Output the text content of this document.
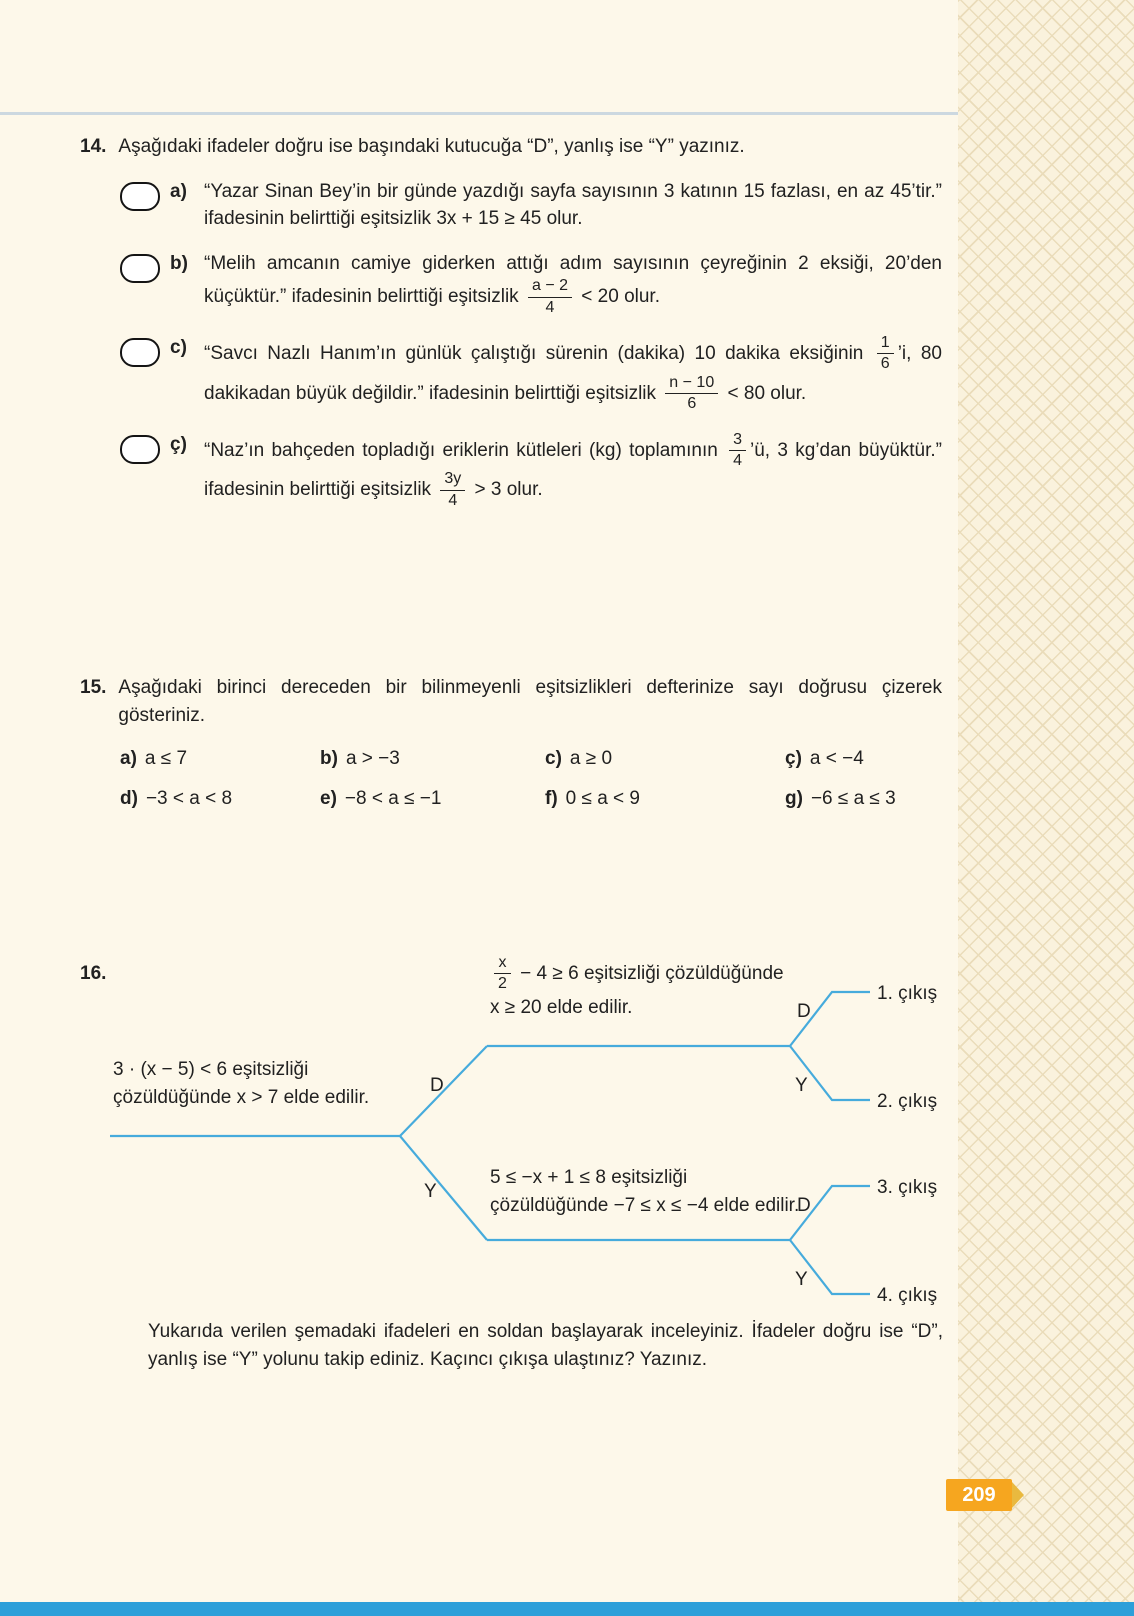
209
14. Aşağıdaki ifadeler doğru ise başındaki kutucuğa “D”, yanlış ise “Y” yazınız.
a) “Yazar Sinan Bey’in bir günde yazdığı sayfa sayısının 3 katının 15 fazlası, en az 45’tir.” ifadesinin belirttiği eşitsizlik 3x + 15 ≥ 45 olur.
b) “Melih amcanın camiye giderken attığı adım sayısının çeyreğinin 2 eksiği, 20’den küçüktür.” ifadesinin belirttiği eşitsizlik $\frac{a - 2}{4} < 20$ olur.
c) “Savcı Nazlı Hanım’ın günlük çalıştığı sürenin (dakika) 10 dakika eksiğinin $\frac{1}{6}$ ’i, 80 dakikadan büyük değildir.” ifadesinin belirttiği eşitsizlik $\frac{n - 10}{6} < 80$ olur.
ç) “Naz’ın bahçeden topladığı eriklerin kütleleri (kg) toplamının $\frac{3}{4}$ ’ü, 3 kg’dan büyüktür.” ifadesinin belirttiği eşitsizlik $\frac{3y}{4} > 3$ olur.
15. Aşağıdaki birinci dereceden bir bilinmeyenli eşitsizlikleri defterinize sayı doğrusu çizerek gösteriniz.
a) a ≤ 7	b) a > −3	c) a ≥ 0	ç) a < −4
d) −3 < a < 8	e) −8 < a ≤ −1	f) 0 ≤ a < 9	g) −6 ≤ a ≤ 3
16.
3 · (x − 5) < 6 eşitsizliği çözüldüğünde x > 7 elde edilir.
$\frac{x}{2} - 4 \ge 6$ eşitsizliği çözüldüğünde x ≥ 20 elde edilir.
5 ≤ −x + 1 ≤ 8 eşitsizliği çözüldüğünde −7 ≤ x ≤ −4 elde edilir.
D
Y
D
Y
D
Y
1. çıkış
2. çıkış
3. çıkış
4. çıkış
Yukarıda verilen şemadaki ifadeleri en soldan başlayarak inceleyiniz. İfadeler doğru ise “D”, yanlış ise “Y” yolunu takip ediniz. Kaçıncı çıkışa ulaştınız? Yazınız.
